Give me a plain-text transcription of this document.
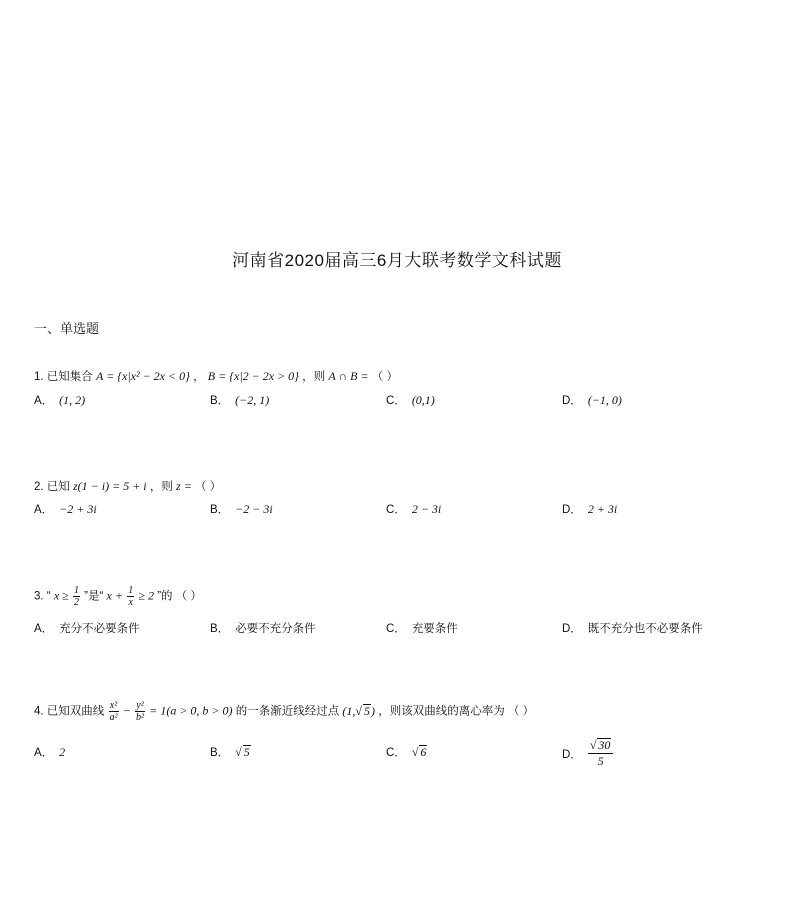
河南省2020届高三6月大联考数学文科试题
一、单选题
1. 已知集合 A = {x|x² − 2x < 0} ， B = {x|2 − 2x > 0} ，则 A ∩ B = （ ）
A． (1, 2)	B． (−2, 1)	C． (0,1)	D． (−1, 0)
2. 已知 z(1 − i) = 5 + i ，则 z = （ ）
A． −2 + 3i	B． −2 − 3i	C． 2 − 3i	D． 2 + 3i
3. “ $x \ge \frac{1}{2}$ ”是“ $x + \frac{1}{x} \ge 2$ ”的 （ ）
A． 充分不必要条件	B． 必要不充分条件	C． 充要条件	D． 既不充分也不必要条件
4. 已知双曲线 $\frac{\text{x²}}{\text{a²}} - \frac{\text{y²}}{\text{b²}} = 1(a > 0$, b > 0) 的一条渐近线经过点 (1,√ 5) ，则该双曲线的离心率为 （ ）
A． 2	B． √ 5	C． √ 6	D． $\frac{√ 30}{5}$
